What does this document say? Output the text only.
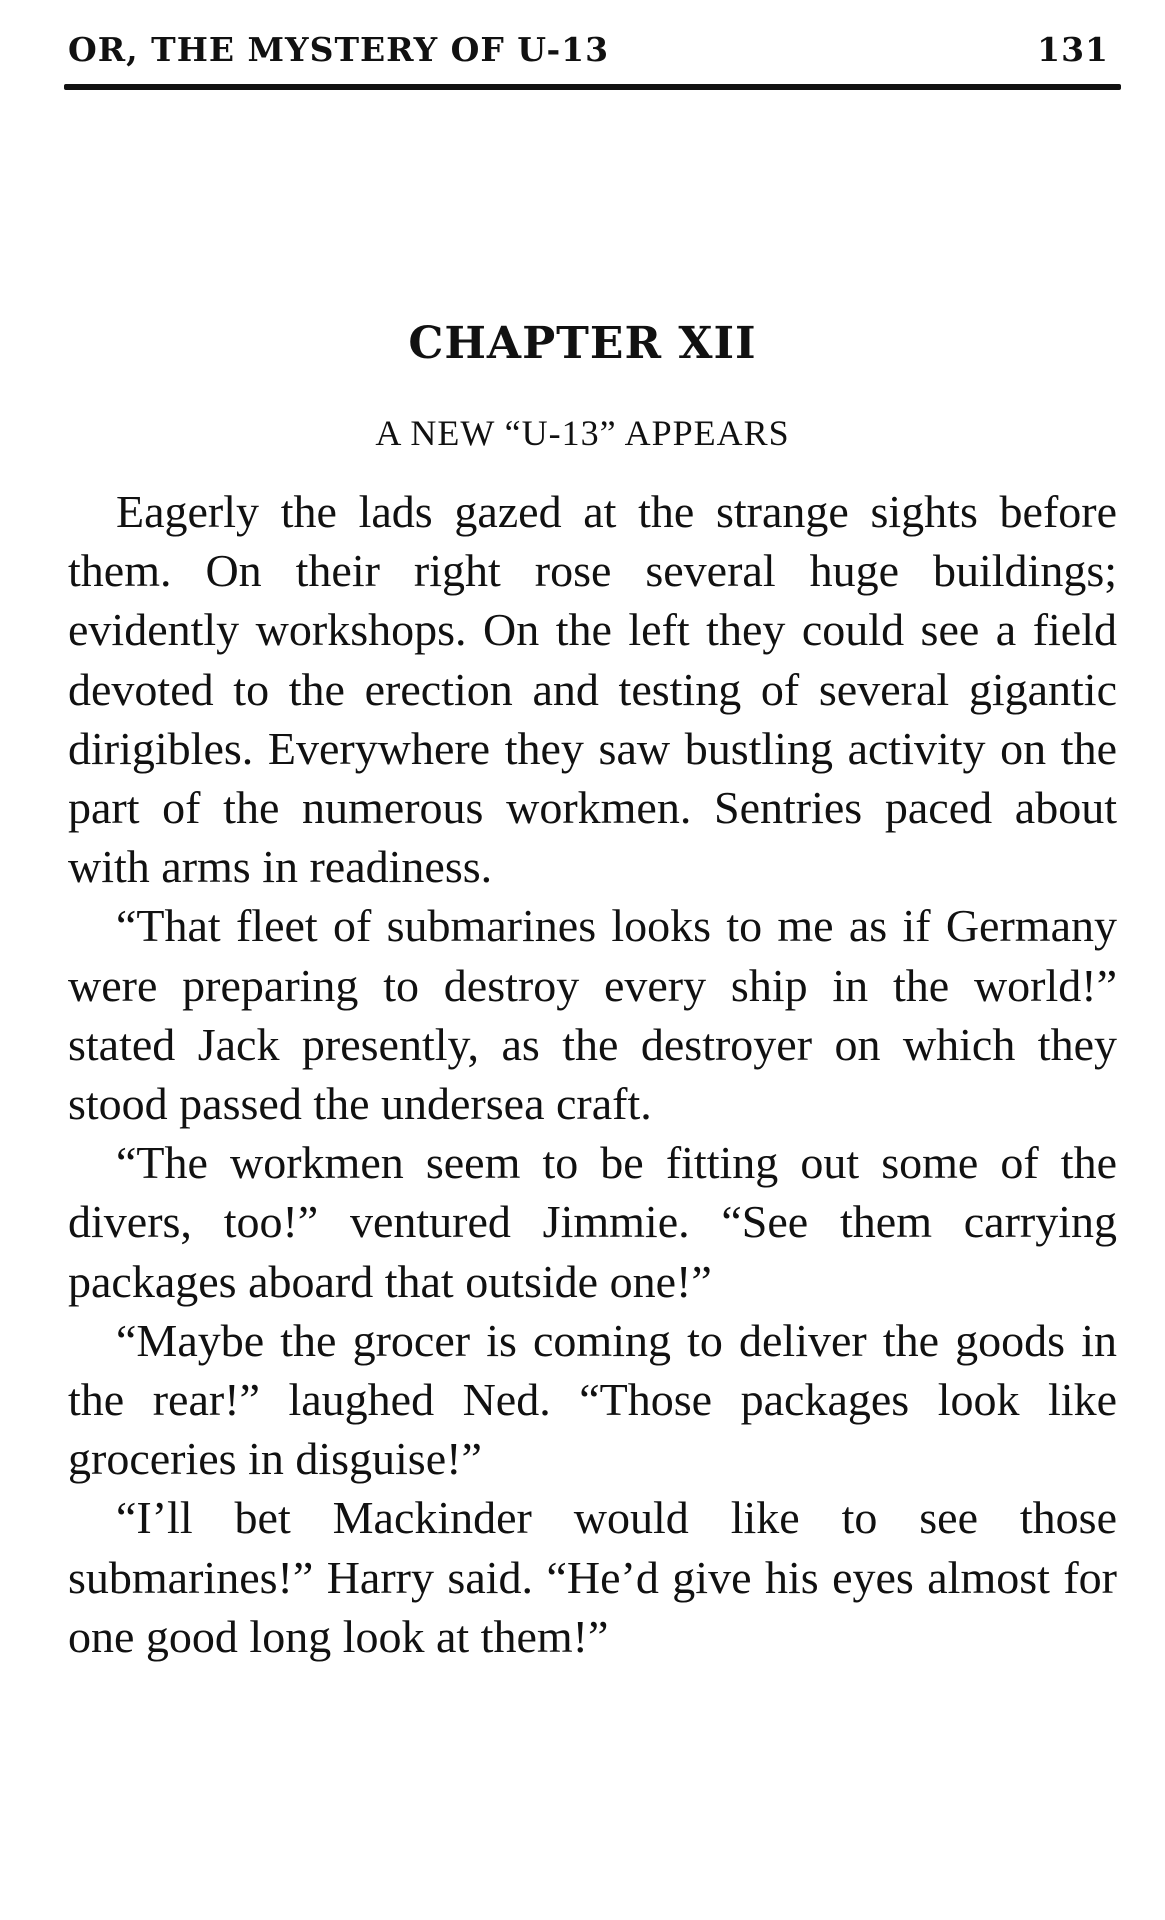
OR, THE MYSTERY OF U-13	131
CHAPTER XII
A NEW “U-13” APPEARS

Eagerly the lads gazed at the strange sights before them. On their right rose several huge buildings; evidently workshops. On the left they could see a field devoted to the erection and testing of several gigantic dirigibles. Everywhere they saw bustling activity on the part of the numerous workmen. Sentries paced about with arms in readiness.

“That fleet of submarines looks to me as if Germany were preparing to destroy every ship in the world!” stated Jack presently, as the destroyer on which they stood passed the undersea craft.

“The workmen seem to be fitting out some of the divers, too!” ventured Jimmie. “See them carrying packages aboard that outside one!”

“Maybe the grocer is coming to deliver the goods in the rear!” laughed Ned. “Those packages look like groceries in disguise!”

“I’ll bet Mackinder would like to see those submarines!” Harry said. “He’d give his eyes almost for one good long look at them!”
